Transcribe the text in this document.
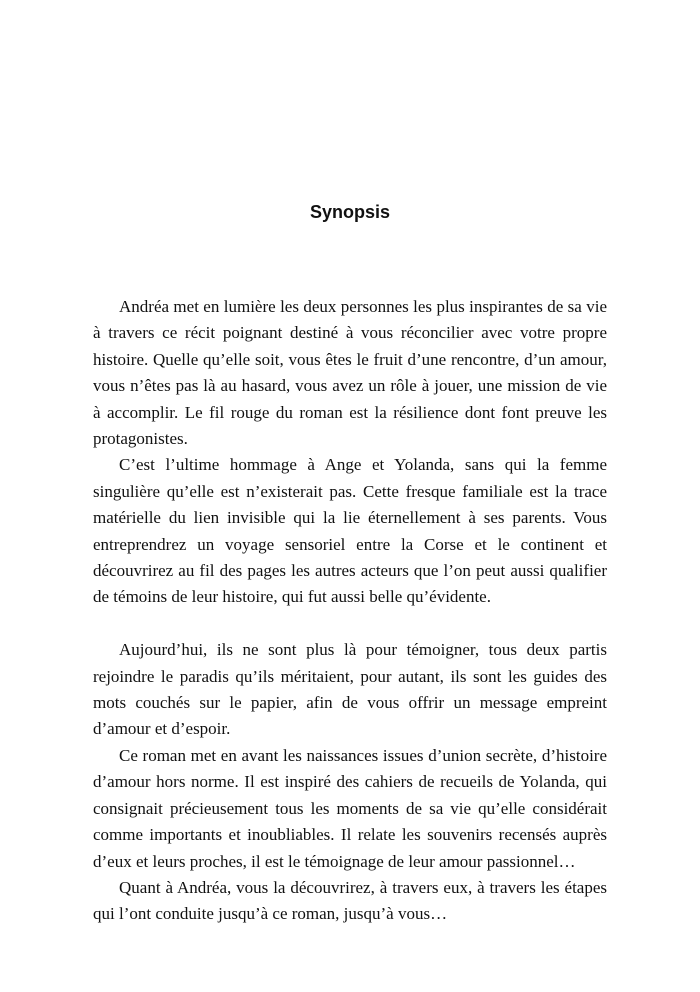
Synopsis

Andréa met en lumière les deux personnes les plus inspirantes de sa vie à travers ce récit poignant destiné à vous réconcilier avec votre propre histoire. Quelle qu’elle soit, vous êtes le fruit d’une rencontre, d’un amour, vous n’êtes pas là au hasard, vous avez un rôle à jouer, une mission de vie à accomplir. Le fil rouge du roman est la résilience dont font preuve les protagonistes.

C’est l’ultime hommage à Ange et Yolanda, sans qui la femme singulière qu’elle est n’existerait pas. Cette fresque familiale est la trace matérielle du lien invisible qui la lie éternellement à ses parents. Vous entreprendrez un voyage sensoriel entre la Corse et le continent et découvrirez au fil des pages les autres acteurs que l’on peut aussi qualifier de témoins de leur histoire, qui fut aussi belle qu’évidente.

Aujourd’hui, ils ne sont plus là pour témoigner, tous deux partis rejoindre le paradis qu’ils méritaient, pour autant, ils sont les guides des mots couchés sur le papier, afin de vous offrir un message empreint d’amour et d’espoir.

Ce roman met en avant les naissances issues d’union secrète, d’histoire d’amour hors norme. Il est inspiré des cahiers de recueils de Yolanda, qui consignait précieusement tous les moments de sa vie qu’elle considérait comme importants et inoubliables. Il relate les souvenirs recensés auprès d’eux et leurs proches, il est le témoignage de leur amour passionnel…

Quant à Andréa, vous la découvrirez, à travers eux, à travers les étapes qui l’ont conduite jusqu’à ce roman, jusqu’à vous…
